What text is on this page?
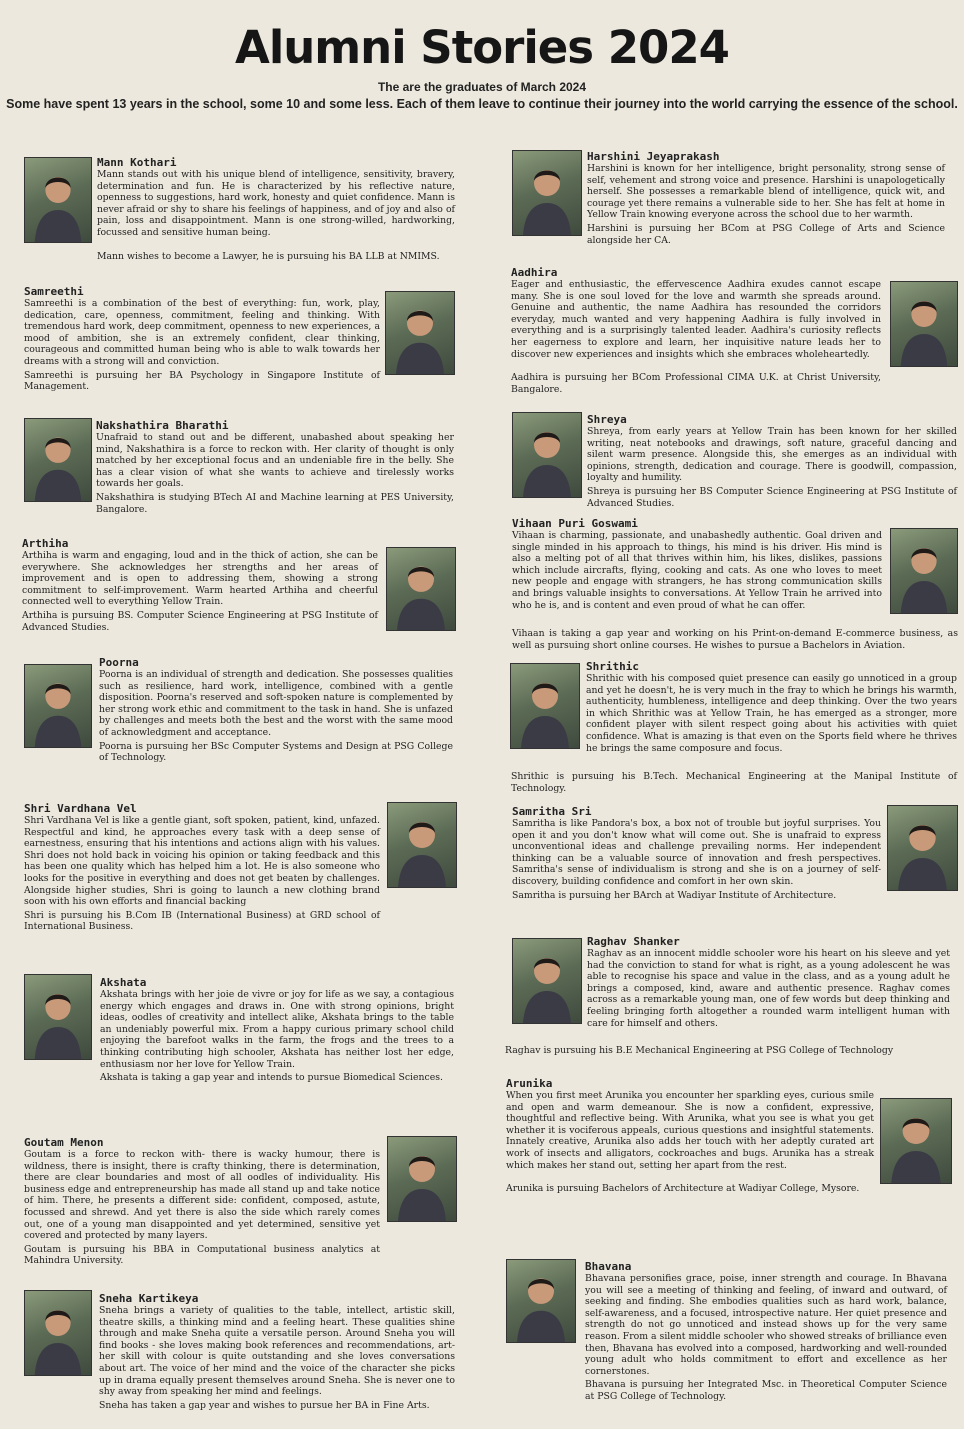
Alumni Stories 2024
The are the graduates of March 2024
Some have spent 13 years in the school, some 10 and some less. Each of them leave to continue their journey into the world carrying the essence of the school.
Mann Kothari
Mann stands out with his unique blend of intelligence, sensitivity, bravery, determination and fun. He is characterized by his reflective nature, openness to suggestions, hard work, honesty and quiet confidence. Mann is never afraid or shy to share his feelings of happiness, and of joy and also of pain, loss and disappointment. Mann is one strong-willed, hardworking, focussed and sensitive human being.
Mann wishes to become a Lawyer, he is pursuing his BA LLB at NMIMS.
Samreethi
Samreethi is a combination of the best of everything: fun, work, play, dedication, care, openness, commitment, feeling and thinking. With tremendous hard work, deep commitment, openness to new experiences, a mood of ambition, she is an extremely confident, clear thinking, courageous and committed human being who is able to walk towards her dreams with a strong will and conviction.
Samreethi is pursuing her BA Psychology in Singapore Institute of Management.
Nakshathira Bharathi
Unafraid to stand out and be different, unabashed about speaking her mind, Nakshathira is a force to reckon with. Her clarity of thought is only matched by her exceptional focus and an undeniable fire in the belly. She has a clear vision of what she wants to achieve and tirelessly works towards her goals.
Nakshathira is studying BTech AI and Machine learning at PES University, Bangalore.
Arthiha
Arthiha is warm and engaging, loud and in the thick of action, she can be everywhere. She acknowledges her strengths and her areas of improvement and is open to addressing them, showing a strong commitment to self-improvement. Warm hearted Arthiha and cheerful connected well to everything Yellow Train.
Arthiha is pursuing BS. Computer Science Engineering at PSG Institute of Advanced Studies.
Poorna
Poorna is an individual of strength and dedication. She possesses qualities such as resilience, hard work, intelligence, combined with a gentle disposition. Poorna's reserved and soft-spoken nature is complemented by her strong work ethic and commitment to the task in hand. She is unfazed by challenges and meets both the best and the worst with the same mood of acknowledgment and acceptance.
Poorna is pursuing her BSc Computer Systems and Design at PSG College of Technology.
Shri Vardhana Vel
Shri Vardhana Vel is like a gentle giant, soft spoken, patient, kind, unfazed. Respectful and kind, he approaches every task with a deep sense of earnestness, ensuring that his intentions and actions align with his values. Shri does not hold back in voicing his opinion or taking feedback and this has been one quality which has helped him a lot. He is also someone who looks for the positive in everything and does not get beaten by challenges. Alongside higher studies, Shri is going to launch a new clothing brand soon with his own efforts and financial backing
Shri is pursuing his B.Com IB (International Business) at GRD school of International Business.
Akshata
Akshata brings with her joie de vivre or joy for life as we say, a contagious energy which engages and draws in. One with strong opinions, bright ideas, oodles of creativity and intellect alike, Akshata brings to the table an undeniably powerful mix. From a happy curious primary school child enjoying the barefoot walks in the farm, the frogs and the trees to a thinking contributing high schooler, Akshata has neither lost her edge, enthusiasm nor her love for Yellow Train.
Akshata is taking a gap year and intends to pursue Biomedical Sciences.
Goutam Menon
Goutam is a force to reckon with- there is wacky humour, there is wildness, there is insight, there is crafty thinking, there is determination, there are clear boundaries and most of all oodles of individuality. His business edge and entrepreneurship has made all stand up and take notice of him. There, he presents a different side: confident, composed, astute, focussed and shrewd. And yet there is also the side which rarely comes out, one of a young man disappointed and yet determined, sensitive yet covered and protected by many layers.
Goutam is pursuing his BBA in Computational business analytics at Mahindra University.
Sneha Kartikeya
Sneha brings a variety of qualities to the table, intellect, artistic skill, theatre skills, a thinking mind and a feeling heart. These qualities shine through and make Sneha quite a versatile person. Around Sneha you will find books - she loves making book references and recommendations, art- her skill with colour is quite outstanding and she loves conversations about art. The voice of her mind and the voice of the character she picks up in drama equally present themselves around Sneha. She is never one to shy away from speaking her mind and feelings.
Sneha has taken a gap year and wishes to pursue her BA in Fine Arts.
Harshini Jeyaprakash
Harshini is known for her intelligence, bright personality, strong sense of self, vehement and strong voice and presence. Harshini is unapologetically herself. She possesses a remarkable blend of intelligence, quick wit, and courage yet there remains a vulnerable side to her. She has felt at home in Yellow Train knowing everyone across the school due to her warmth.
Harshini is pursuing her BCom at PSG College of Arts and Science alongside her CA.
Aadhira
Eager and enthusiastic, the effervescence Aadhira exudes cannot escape many. She is one soul loved for the love and warmth she spreads around. Genuine and authentic, the name Aadhira has resounded the corridors everyday, much wanted and very happening Aadhira is fully involved in everything and is a surprisingly talented leader. Aadhira's curiosity reflects her eagerness to explore and learn, her inquisitive nature leads her to discover new experiences and insights which she embraces wholeheartedly.
Aadhira is pursuing her BCom Professional CIMA U.K. at Christ University, Bangalore.
Shreya
Shreya, from early years at Yellow Train has been known for her skilled writing, neat notebooks and drawings, soft nature, graceful dancing and silent warm presence. Alongside this, she emerges as an individual with opinions, strength, dedication and courage. There is goodwill, compassion, loyalty and humility.
Shreya is pursuing her BS Computer Science Engineering at PSG Institute of Advanced Studies.
Vihaan Puri Goswami
Vihaan is charming, passionate, and unabashedly authentic. Goal driven and single minded in his approach to things, his mind is his driver. His mind is also a melting pot of all that thrives within him, his likes, dislikes, passions which include aircrafts, flying, cooking and cats. As one who loves to meet new people and engage with strangers, he has strong communication skills and brings valuable insights to conversations. At Yellow Train he arrived into who he is, and is content and even proud of what he can offer.
Vihaan is taking a gap year and working on his Print-on-demand E-commerce business, as well as pursuing short online courses. He wishes to pursue a Bachelors in Aviation.
Shrithic
Shrithic with his composed quiet presence can easily go unnoticed in a group and yet he doesn't, he is very much in the fray to which he brings his warmth, authenticity, humbleness, intelligence and deep thinking. Over the two years in which Shrithic was at Yellow Train, he has emerged as a stronger, more confident player with silent respect going about his activities with quiet confidence. What is amazing is that even on the Sports field where he thrives he brings the same composure and focus.
Shrithic is pursuing his B.Tech. Mechanical Engineering at the Manipal Institute of Technology.
Samritha Sri
Samritha is like Pandora's box, a box not of trouble but joyful surprises. You open it and you don't know what will come out. She is unafraid to express unconventional ideas and challenge prevailing norms. Her independent thinking can be a valuable source of innovation and fresh perspectives. Samritha's sense of individualism is strong and she is on a journey of self-discovery, building confidence and comfort in her own skin.
Samritha is pursuing her BArch at Wadiyar Institute of Architecture.
Raghav Shanker
Raghav as an innocent middle schooler wore his heart on his sleeve and yet had the conviction to stand for what is right, as a young adolescent he was able to recognise his space and value in the class, and as a young adult he brings a composed, kind, aware and authentic presence. Raghav comes across as a remarkable young man, one of few words but deep thinking and feeling bringing forth altogether a rounded warm intelligent human with care for himself and others.
Raghav is pursuing his B.E Mechanical Engineering at PSG College of Technology
Arunika
When you first meet Arunika you encounter her sparkling eyes, curious smile and open and warm demeanour. She is now a confident, expressive, thoughtful and reflective being. With Arunika, what you see is what you get whether it is vociferous appeals, curious questions and insightful statements. Innately creative, Arunika also adds her touch with her adeptly curated art work of insects and alligators, cockroaches and bugs. Arunika has a streak which makes her stand out, setting her apart from the rest.
Arunika is pursuing Bachelors of Architecture at Wadiyar College, Mysore.
Bhavana
Bhavana personifies grace, poise, inner strength and courage. In Bhavana you will see a meeting of thinking and feeling, of inward and outward, of seeking and finding. She embodies qualities such as hard work, balance, self-awareness, and a focused, introspective nature. Her quiet presence and strength do not go unnoticed and instead shows up for the very same reason. From a silent middle schooler who showed streaks of brilliance even then, Bhavana has evolved into a composed, hardworking and well-rounded young adult who holds commitment to effort and excellence as her cornerstones.
Bhavana is pursuing her Integrated Msc. in Theoretical Computer Science at PSG College of Technology.
